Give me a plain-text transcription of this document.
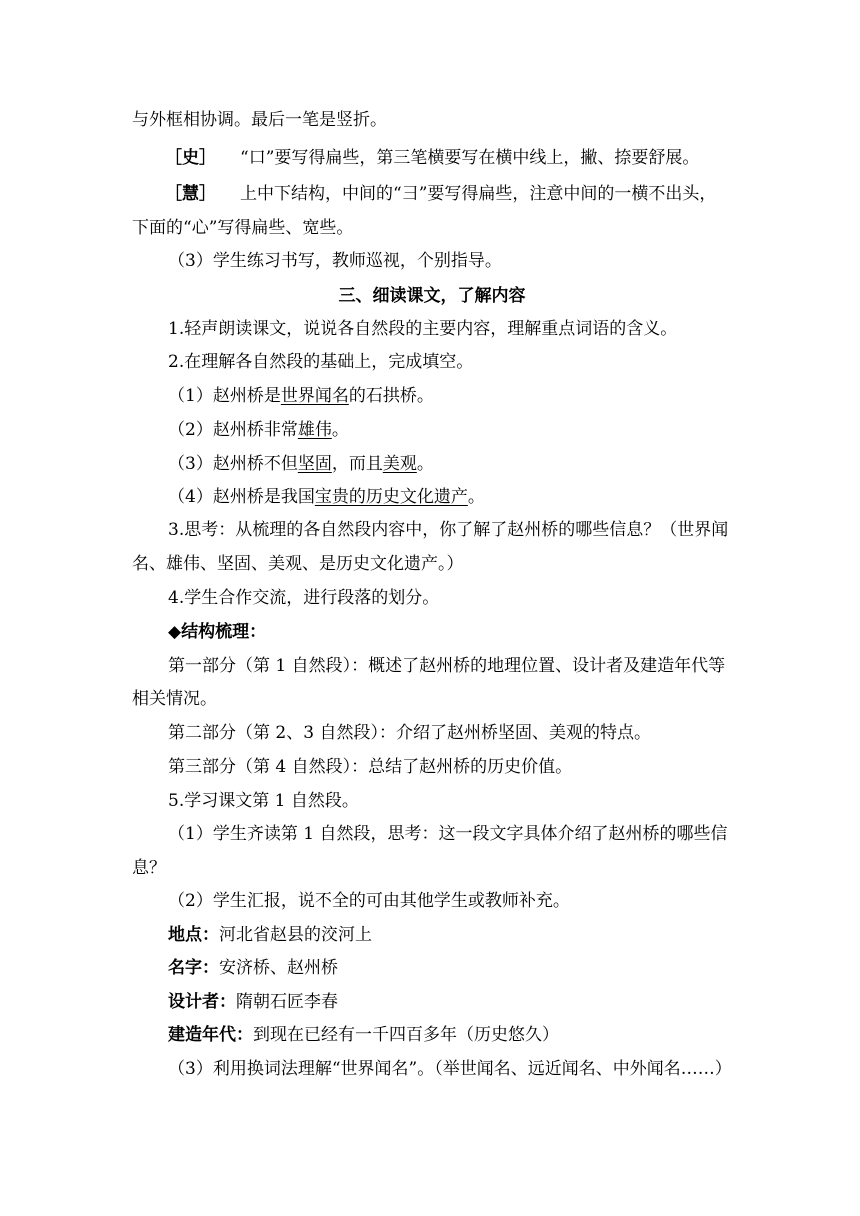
与外框相协调。最后一笔是竖折。
［史］ “口”要写得扁些，第三笔横要写在横中线上，撇、捺要舒展。
［慧］ 上中下结构，中间的“彐”要写得扁些，注意中间的一横不出头，
下面的“心”写得扁些、宽些。
（3）学生练习书写，教师巡视，个别指导。
三、细读课文，了解内容
1.轻声朗读课文，说说各自然段的主要内容，理解重点词语的含义。
2.在理解各自然段的基础上，完成填空。
（1）赵州桥是世界闻名的石拱桥。
（2）赵州桥非常雄伟。
（3）赵州桥不但坚固，而且美观。
（4）赵州桥是我国宝贵的历史文化遗产。
3.思考：从梳理的各自然段内容中，你了解了赵州桥的哪些信息？（世界闻
名、雄伟、坚固、美观、是历史文化遗产。）
4.学生合作交流，进行段落的划分。
◆结构梳理：
第一部分（第 1 自然段）：概述了赵州桥的地理位置、设计者及建造年代等
相关情况。
第二部分（第 2、3 自然段）：介绍了赵州桥坚固、美观的特点。
第三部分（第 4 自然段）：总结了赵州桥的历史价值。
5.学习课文第 1 自然段。
（1）学生齐读第 1 自然段，思考：这一段文字具体介绍了赵州桥的哪些信
息？
（2）学生汇报，说不全的可由其他学生或教师补充。
地点：河北省赵县的洨河上
名字：安济桥、赵州桥
设计者：隋朝石匠李春
建造年代：到现在已经有一千四百多年（历史悠久）
（3）利用换词法理解“世界闻名”。（举世闻名、远近闻名、中外闻名……）
